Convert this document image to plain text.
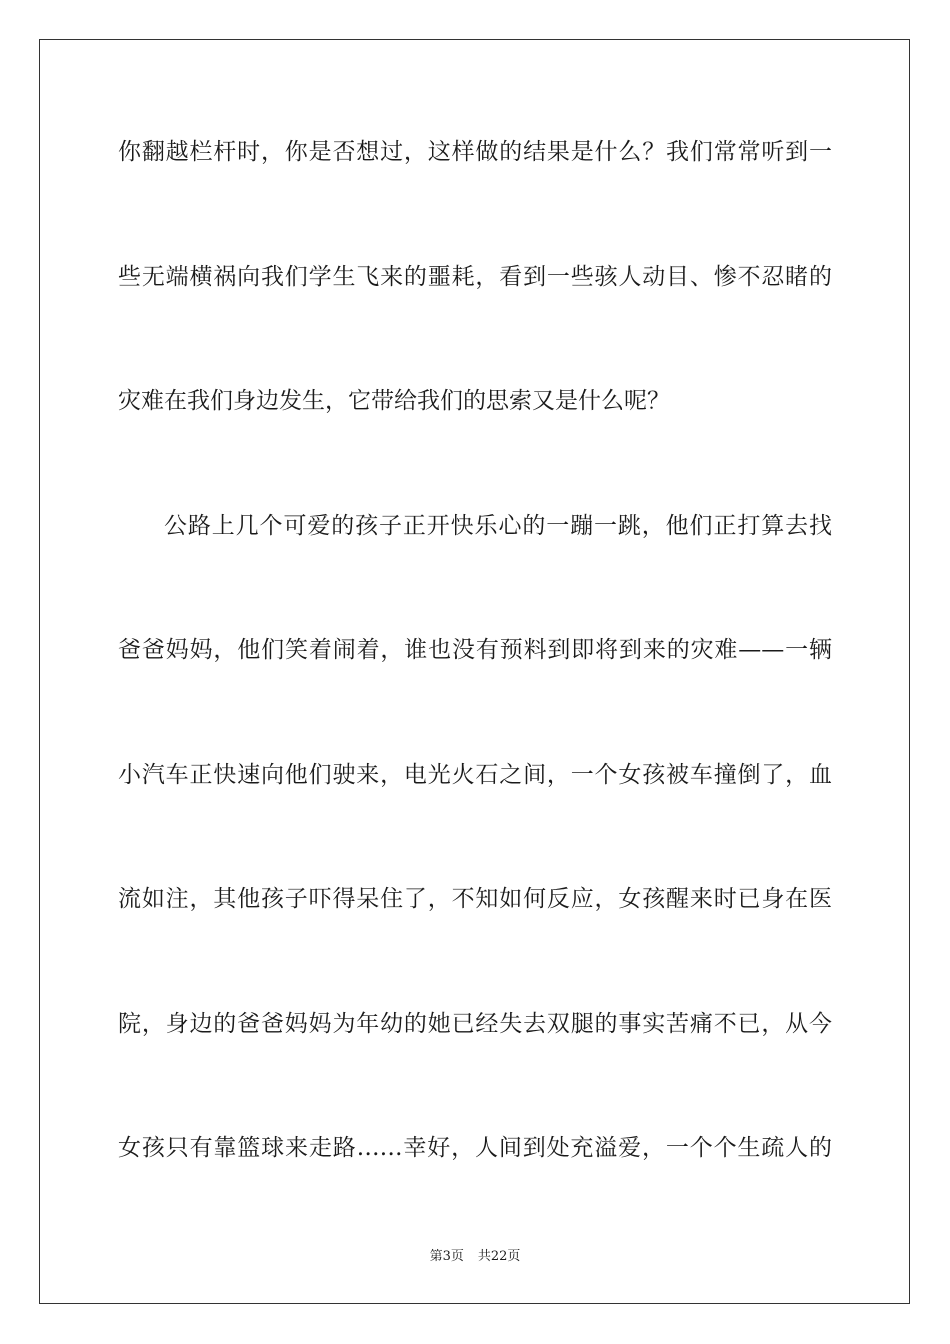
你翻越栏杆时，你是否想过，这样做的结果是什么？我们常常听到一
些无端横祸向我们学生飞来的噩耗，看到一些骇人动目、惨不忍睹的
灾难在我们身边发生，它带给我们的思索又是什么呢？
公路上几个可爱的孩子正开快乐心的一蹦一跳，他们正打算去找
爸爸妈妈，他们笑着闹着，谁也没有预料到即将到来的灾难——一辆
小汽车正快速向他们驶来，电光火石之间，一个女孩被车撞倒了，血
流如注，其他孩子吓得呆住了，不知如何反应，女孩醒来时已身在医
院，身边的爸爸妈妈为年幼的她已经失去双腿的事实苦痛不已，从今
女孩只有靠篮球来走路……幸好，人间到处充溢爱，一个个生疏人的
第3页 共22页
